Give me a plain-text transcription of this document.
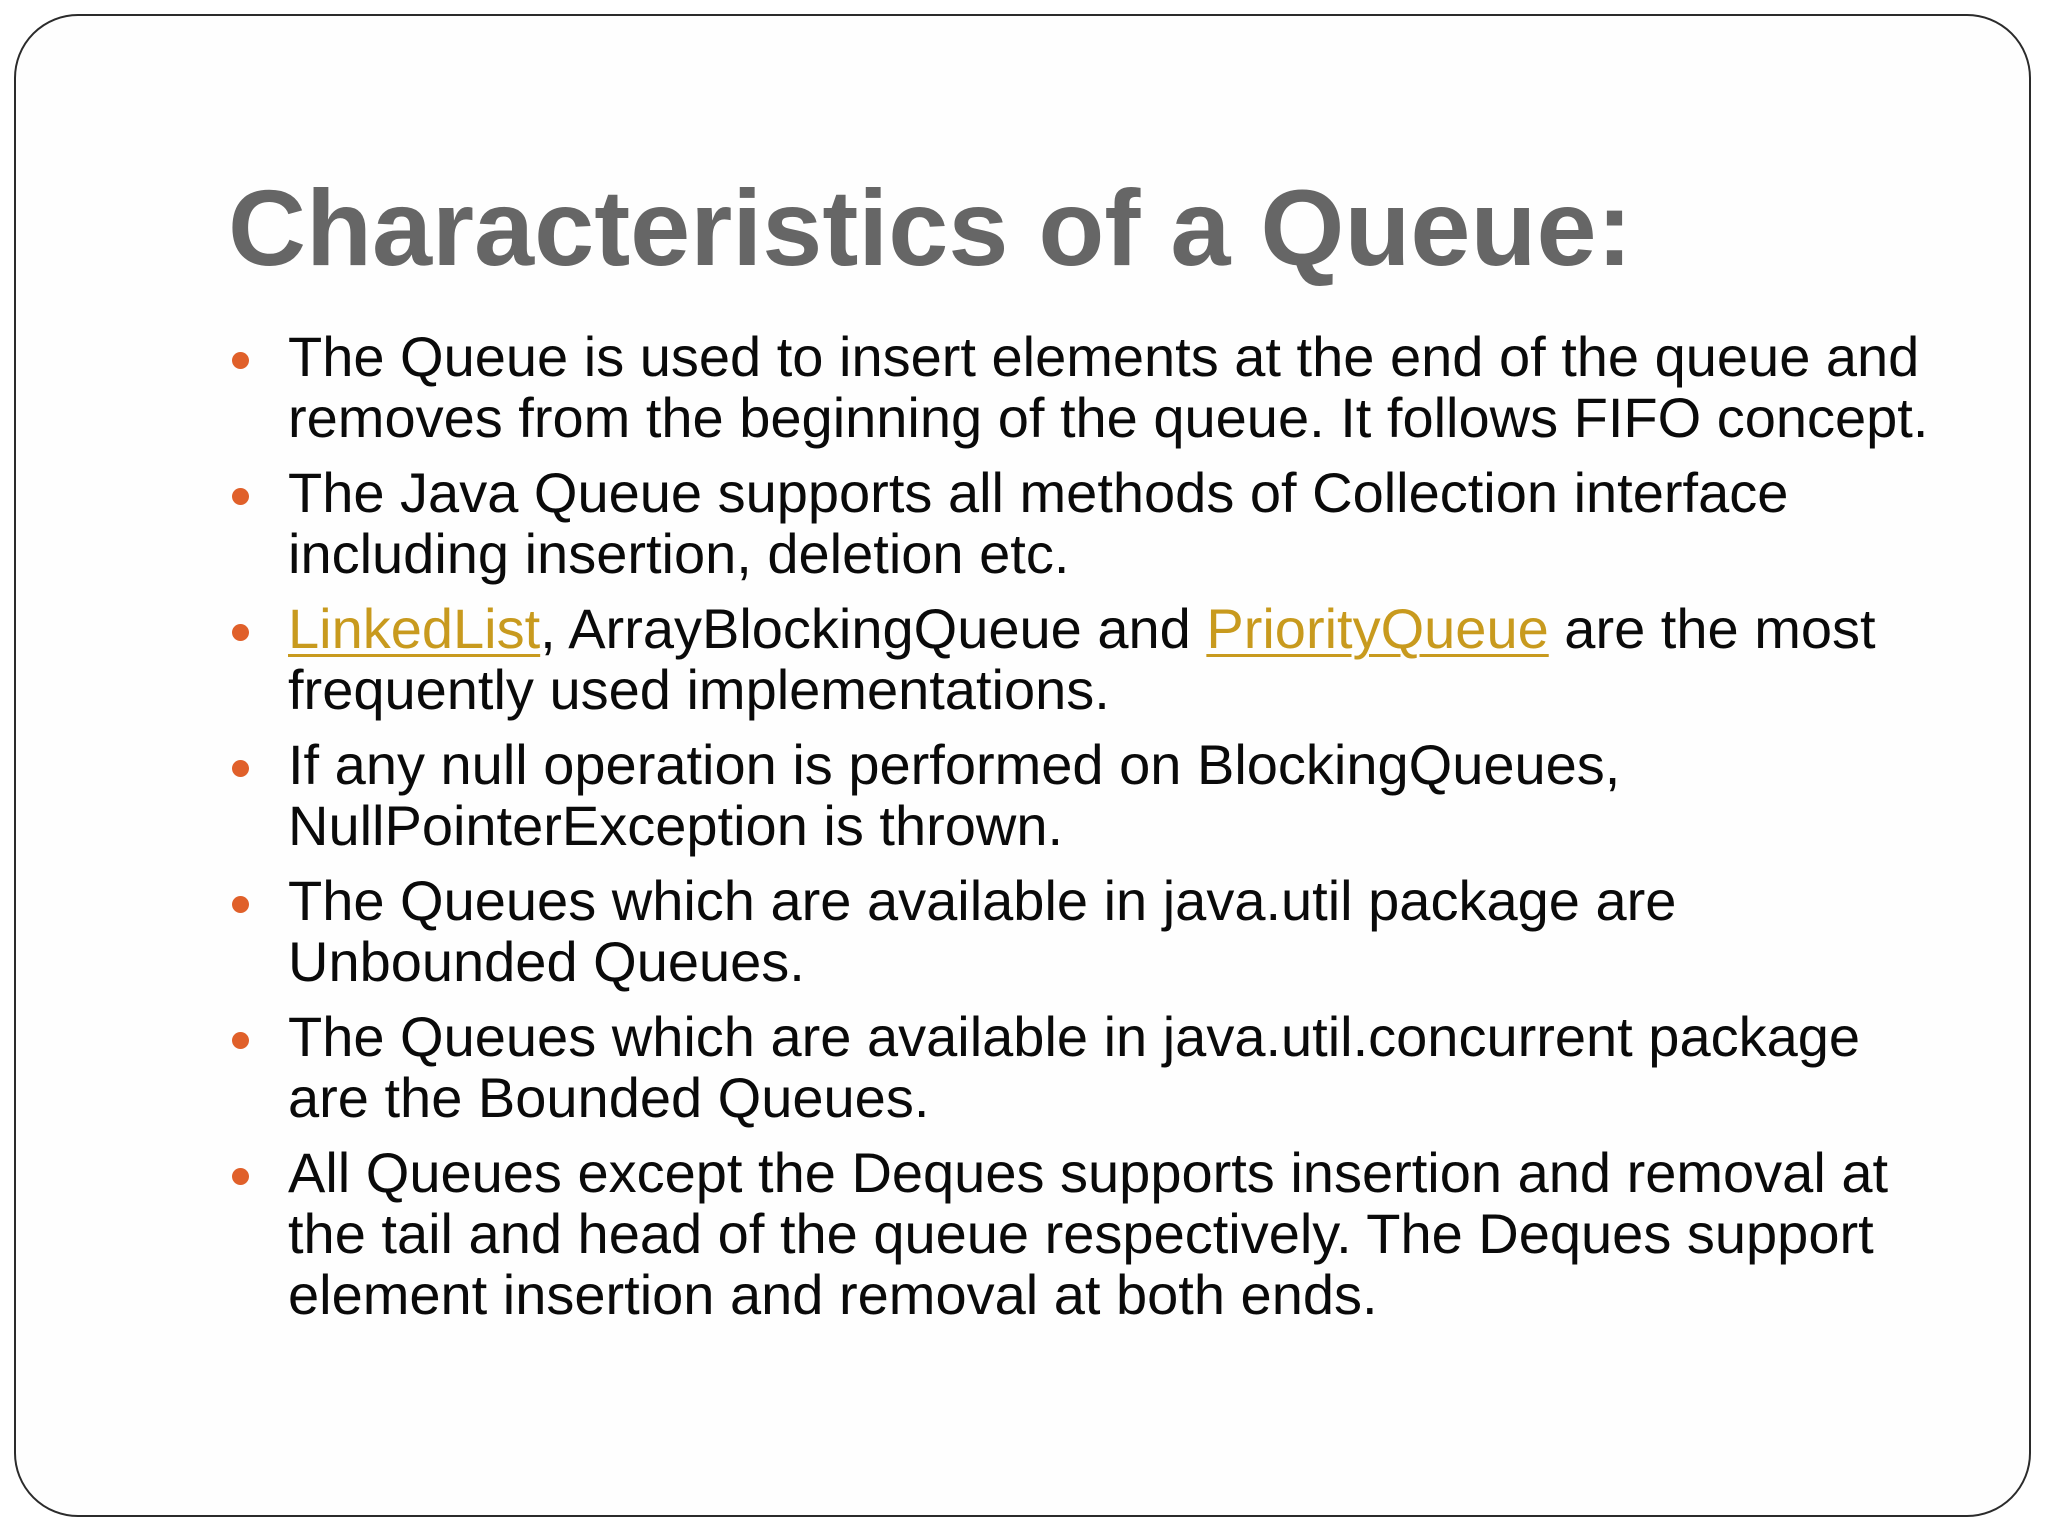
Characteristics of a Queue:
The Queue is used to insert elements at the end of the queue and removes from the beginning of the queue. It follows FIFO concept.
The Java Queue supports all methods of Collection interface including insertion, deletion etc.
LinkedList, ArrayBlockingQueue and PriorityQueue are the most frequently used implementations.
If any null operation is performed on BlockingQueues, NullPointerException is thrown.
The Queues which are available in java.util package are Unbounded Queues.
The Queues which are available in java.util.concurrent package are the Bounded Queues.
All Queues except the Deques supports insertion and removal at the tail and head of the queue respectively. The Deques support element insertion and removal at both ends.
